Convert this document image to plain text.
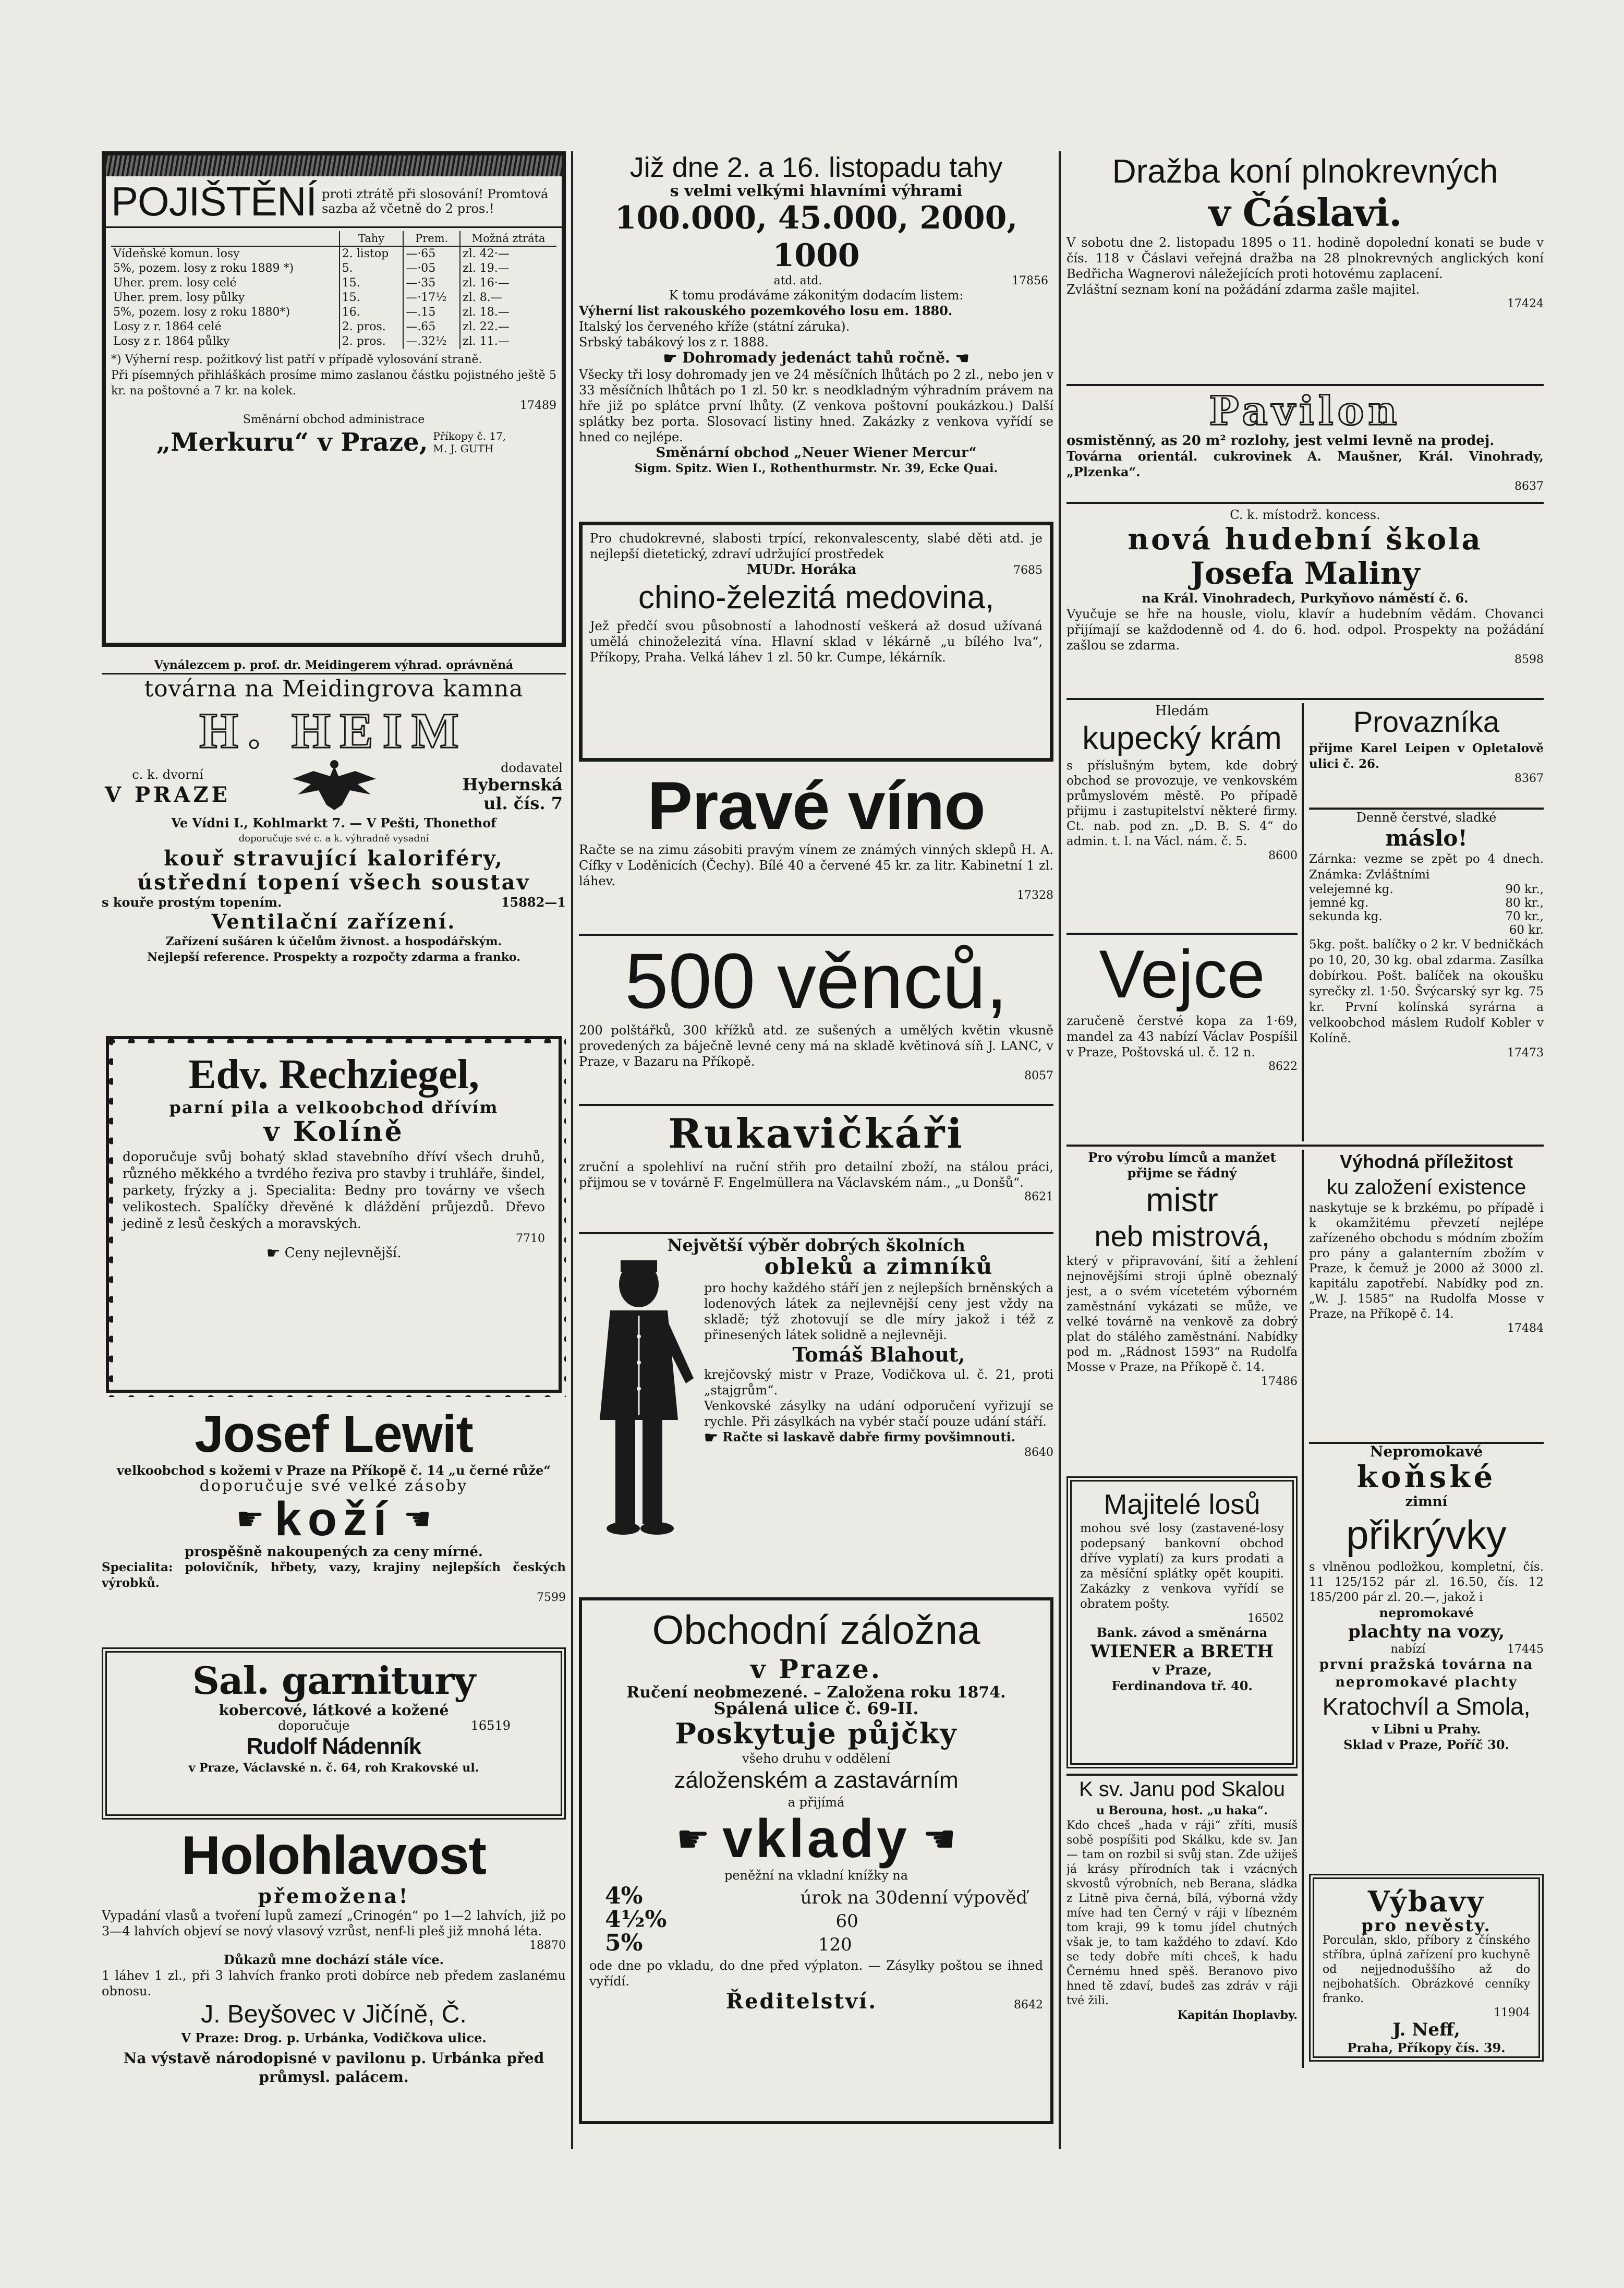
POJIŠTĚNÍ proti ztrátě při slosování! Promtová sazba až včetně do 2 pros.!
	Tahy	Prem.	Možná ztráta
Vídeňské komun. losy	2. listop	—·65	zl. 42·—
5%, pozem. losy z roku 1889 *)	5.	—·05	zl. 19.—
Uher. prem. losy celé	15.	—·35	zl. 16·—
Uher. prem. losy půlky	15.	—·17½	zl. 8.—
5%, pozem. losy z roku 1880*)	16.	—.15	zl. 18.—
Losy z r. 1864 celé	2. pros.	—.65	zl. 22.—
Losy z r. 1864 půlky	2. pros.	—.32½	zl. 11.—
*) Výherní resp. požitkový list patří v případě vylosování straně.
Při písemných přihláškách prosíme mimo zaslanou částku pojistného ještě 5 kr. na poštovné a 7 kr. na kolek.
17489
Směnární obchod administrace
„Merkuru“ v Praze, Příkopy č. 17, M. J. GUTH
Vynálezcem p. prof. dr. Meidingerem výhrad. oprávněná
továrna na Meidingrova kamna
H. HEIM
c. k. dvorní
V PRAZE
dodavatel
Hybernská ul. čís. 7
Ve Vídni I., Kohlmarkt 7. — V Pešti, Thonethof
doporučuje své c. a k. výhradně vysadní
kouř stravující kaloriféry,
ústřední topení všech soustav
s kouře prostým topením.	15882—1
Ventilační zařízení.
Zařízení sušáren k účelům živnost. a hospodářským.
Nejlepší reference. Prospekty a rozpočty zdarma a franko.
Edv. Rechziegel,
parní pila a velkoobchod dřívím
v Kolíně
doporučuje svůj bohatý sklad stavebního dříví všech druhů, různého měkkého a tvrdého řeziva pro stavby i truhláře, šindel, parkety, frýzky a j. Specialita: Bedny pro továrny ve všech velikostech. Spalíčky dřevěné k dláždění průjezdů. Dřevo jedině z lesů českých a moravských.
7710
☛ Ceny nejlevnější.
Josef Lewit
velkoobchod s kožemi v Praze na Příkopě č. 14 „u černé růže“
doporučuje své velké zásoby
☛ koží ☚
prospěšně nakoupených za ceny mírné.
Specialita: polovičník, hřbety, vazy, krajiny nejlepších českých výrobků.
7599
Sal. garnitury
kobercové, látkové a kožené
doporučuje	16519
Rudolf Nádenník
v Praze, Václavské n. č. 64, roh Krakovské ul.
Holohlavost
přemožena!
Vypadání vlasů a tvoření lupů zamezí „Crinogén“ po 1—2 lahvích, již po 3—4 lahvích objeví se nový vlasový vzrůst, nenf-li pleš již mnohá léta.
18870
Důkazů mne dochází stále více.
1 láhev 1 zl., při 3 lahvích franko proti dobírce neb předem zaslanému obnosu.
J. Beyšovec v Jičíně, Č.
V Praze: Drog. p. Urbánka, Vodičkova ulice.
Na výstavě národopisné v pavilonu p. Urbánka před průmysl. palácem.
Již dne 2. a 16. listopadu tahy
s velmi velkými hlavními výhrami
100.000, 45.000, 2000, 1000
atd. atd.	17856
K tomu prodáváme zákonitým dodacím listem:
Výherní list rakouského pozemkového losu em. 1880.
Italský los červeného kříže (státní záruka).
Srbský tabákový los z r. 1888.
☛ Dohromady jedenáct tahů ročně. ☚
Všecky tři losy dohromady jen ve 24 měsíčních lhůtách po 2 zl., nebo jen v 33 měsíčních lhůtách po 1 zl. 50 kr. s neodkladným výhradním právem na hře již po splátce první lhůty. (Z venkova poštovní poukázkou.) Další splátky bez porta. Slosovací listiny hned. Zakázky z venkova vyřídí se hned co nejlépe.
Směnární obchod „Neuer Wiener Mercur“
Sigm. Spitz. Wien I., Rothenthurmstr. Nr. 39, Ecke Quai.
Pro chudokrevné, slabosti trpící, rekonvalescenty, slabé děti atd. je nejlepší dietetický, zdraví udržující prostředek
MUDr. Horáka	7685
chino-železitá medovina,
Jež předčí svou působností a lahodností veškerá až dosud užívaná umělá chinoželezitá vína. Hlavní sklad v lékárně „u bílého lva“, Příkopy, Praha. Velká láhev 1 zl. 50 kr. Cumpe, lékárník.
Pravé víno
Račte se na zimu zásobiti pravým vínem ze známých vinných sklepů H. A. Cífky v Loděnicích (Čechy). Bílé 40 a červené 45 kr. za litr. Kabinetní 1 zl. láhev.
17328
500 věnců,
200 polštářků, 300 křížků atd. ze sušených a umělých květin vkusně provedených za báječně levné ceny má na skladě květinová síň J. LANC, v Praze, v Bazaru na Příkopě.
8057
Rukavičkáři
zruční a spolehliví na ruční střih pro detailní zboží, na stálou práci, přijmou se v továrně F. Engelmüllera na Václavském nám., „u Donšů“.
8621
Největší výběr dobrých školních
obleků a zimníků
pro hochy každého stáří jen z nejlepších brněnských a lodenových látek za nejlevnější ceny jest vždy na skladě; týž zhotovují se dle míry jakož i též z přinesených látek solidně a nejlevněji.
Tomáš Blahout,
krejčovský mistr v Praze, Vodičkova ul. č. 21, proti „stajgrům“.
Venkovské zásylky na udání odporučení vyřizují se rychle. Při zásylkách na vybér stačí pouze udání stáří.
☛ Račte si laskavě dabře firmy povšimnouti.
8640
Obchodní záložna
v Praze.
Ručení neobmezené. – Založena roku 1874.
Spálená ulice č. 69-II.
Poskytuje půjčky
všeho druhu v oddělení
záloženském a zastavárním
a přijímá
☛ vklady ☚
peněžní na vkladní knížky na
4%	úrok na 30denní výpověď
4½%	60
5%	120
ode dne po vkladu, do dne před výplaton. — Zásylky poštou se ihned vyřídí.
Ředitelství.	8642
Dražba koní plnokrevných
v Čáslavi.
V sobotu dne 2. listopadu 1895 o 11. hodině dopolední konati se bude v čís. 118 v Čáslavi veřejná dražba na 28 plnokrevných anglických koní Bedřicha Wagnerovi náležejících proti hotovému zaplacení.
Zvláštní seznam koní na požádání zdarma zašle majitel.
17424
Pavilon
osmistěnný, as 20 m² rozlohy, jest velmi levně na prodej.
Továrna orientál. cukrovinek A. Maušner, Král. Vinohrady, „Plzenka“.
8637
C. k. místodrž. koncess.
nová hudební škola
Josefa Maliny
na Král. Vinohradech, Purkyňovo náměstí č. 6.
Vyučuje se hře na housle, violu, klavír a hudebním vědám. Chovanci přijímají se každodenně od 4. do 6. hod. odpol. Prospekty na požádání zašlou se zdarma.
8598
Hledám
kupecký krám
s příslušným bytem, kde dobrý obchod se provozuje, ve venkovském průmyslovém městě. Po případě přijmu i zastupitelství některé firmy. Ct. nab. pod zn. „D. B. S. 4“ do admin. t. l. na Václ. nám. č. 5.
8600
Vejce
zaručeně čerstvé kopa za 1·69, mandel za 43 nabízí Václav Pospíšil v Praze, Poštovská ul. č. 12 n.
8622
Provazníka
přijme Karel Leipen v Opletalově ulici č. 26.
8367
Denně čerstvé, sladké
máslo!
Zárnka: vezme se zpět po 4 dnech. Známka: Zvláštními
velejemné kg.	90 kr.,
jemné kg.	80 kr.,
sekunda kg.	70 kr.,
60 kr.
5kg. pošt. balíčky o 2 kr. V bedničkách po 10, 20, 30 kg. obal zdarma. Zasílka dobírkou. Pošt. balíček na okoušku syrečky zl. 1·50. Švýcarský syr kg. 75 kr. První kolínská syrárna a velkoobchod máslem Rudolf Kobler v Kolíně.
17473
Pro výrobu límců a manžet přijme se řádný
mistr
neb mistrová,
který v připravování, šití a žehlení nejnovějšími stroji úplně obeznalý jest, a o svém vícetetém výborném zaměstnání vykázati se může, ve velké továrně na venkově za dobrý plat do stálého zaměstnání. Nabídky pod m. „Rádnost 1593“ na Rudolfa Mosse v Praze, na Příkopě č. 14.
17486
Majitelé losů
mohou své losy (zastavené-losy podepsaný bankovní obchod dříve vyplatí) za kurs prodati a za měsíční splátky opět koupiti. Zakázky z venkova vyřídí se obratem pošty.
16502
Bank. závod a směnárna
WIENER a BRETH
v Praze,
Ferdinandova tř. 40.
K sv. Janu pod Skalou
u Berouna, host. „u haka“.
Kdo chceš „hada v ráji“ zříti, musíš sobě pospíšiti pod Skálku, kde sv. Jan — tam on rozbil si svůj stan. Zde užiješ já krásy přírodních tak i vzácných skvostů výrobních, neb Berana, sládka z Litně piva černá, bílá, výborná vždy míve had ten Černý v ráji v líbezném tom kraji, 99 k tomu jídel chutných však je, to tam každého to zdaví. Kdo se tedy dobře míti chceš, k hadu Černému hned spěš. Beranovo pivo hned tě zdaví, budeš zas zdráv v ráji tvé žili.
Kapitán Ihoplavby.
Výhodná příležitost
ku založení existence
naskytuje se k brzkému, po případě i k okamžitému převzetí nejlépe zařízeného obchodu s módním zbožím pro pány a galanterním zbožím v Praze, k čemuž je 2000 až 3000 zl. kapitálu zapotřebí. Nabídky pod zn. „W. J. 1585“ na Rudolfa Mosse v Praze, na Příkopě č. 14.
17484
Nepromokavé
koňské
zimní
přikrývky
s vlněnou podložkou, kompletní, čís. 11 125/152 pár zl. 16.50, čís. 12 185/200 pár zl. 20.—, jakož i
nepromokavé
plachty na vozy,
nabízí	17445
první pražská továrna na nepromokavé plachty
Kratochvíl a Smola,
v Libni u Prahy.
Sklad v Praze, Poříč 30.
Výbavy
pro nevěsty.
Porculán, sklo, příbory z čínského stříbra, úplná zařízení pro kuchyně od nejjednoduššího až do nejbohatších. Obrázkové cenníky franko.
11904
J. Neff,
Praha, Příkopy čís. 39.
